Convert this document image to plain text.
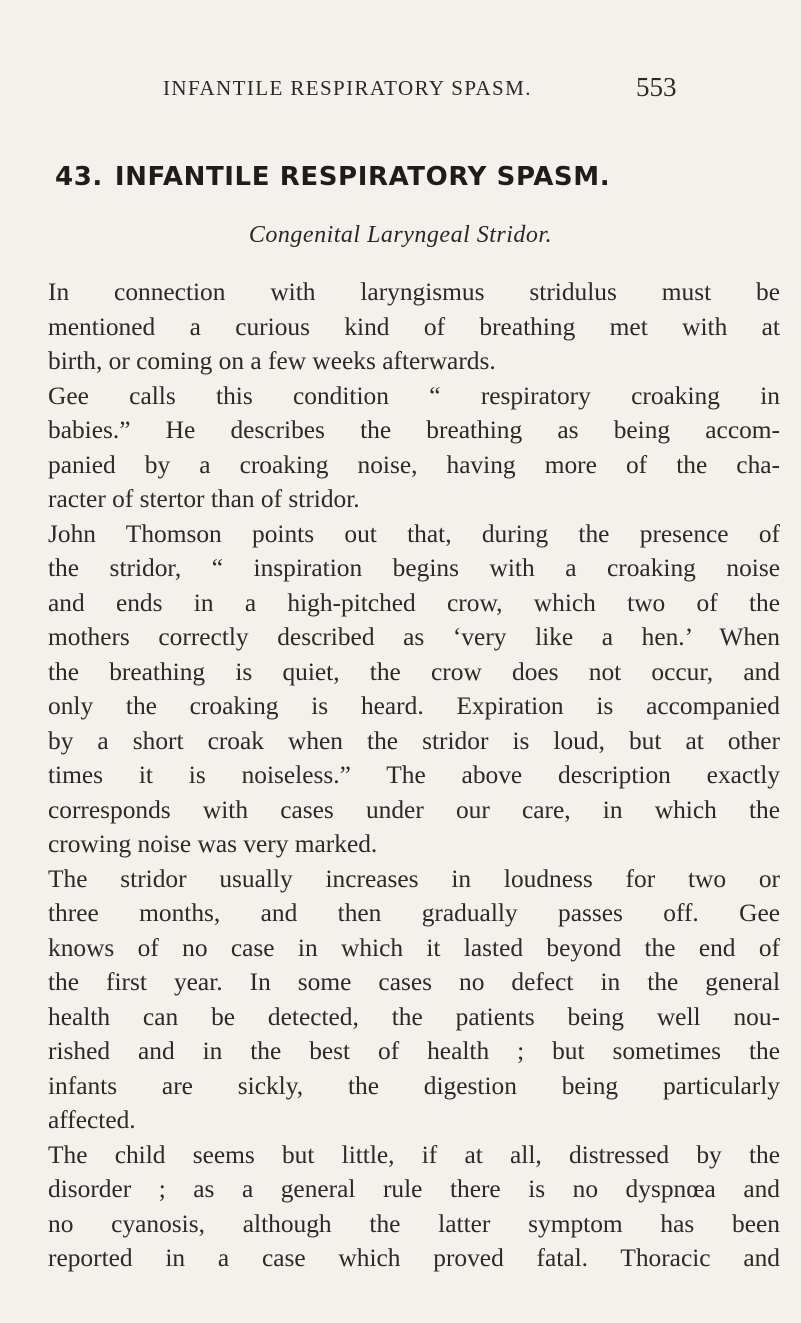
INFANTILE RESPIRATORY SPASM.	553
43. INFANTILE RESPIRATORY SPASM.
Congenital Laryngeal Stridor.
In connection with laryngismus stridulus must be
mentioned a curious kind of breathing met with at
birth, or coming on a few weeks afterwards.
Gee calls this condition “ respiratory croaking in
babies.” He describes the breathing as being accom-
panied by a croaking noise, having more of the cha-
racter of stertor than of stridor.
John Thomson points out that, during the presence of
the stridor, “ inspiration begins with a croaking noise
and ends in a high-pitched crow, which two of the
mothers correctly described as ‘very like a hen.’ When
the breathing is quiet, the crow does not occur, and
only the croaking is heard. Expiration is accompanied
by a short croak when the stridor is loud, but at other
times it is noiseless.” The above description exactly
corresponds with cases under our care, in which the
crowing noise was very marked.
The stridor usually increases in loudness for two or
three months, and then gradually passes off. Gee
knows of no case in which it lasted beyond the end of
the first year. In some cases no defect in the general
health can be detected, the patients being well nou-
rished and in the best of health ; but sometimes the
infants are sickly, the digestion being particularly
affected.
The child seems but little, if at all, distressed by the
disorder ; as a general rule there is no dyspnœa and
no cyanosis, although the latter symptom has been
reported in a case which proved fatal. Thoracic and
